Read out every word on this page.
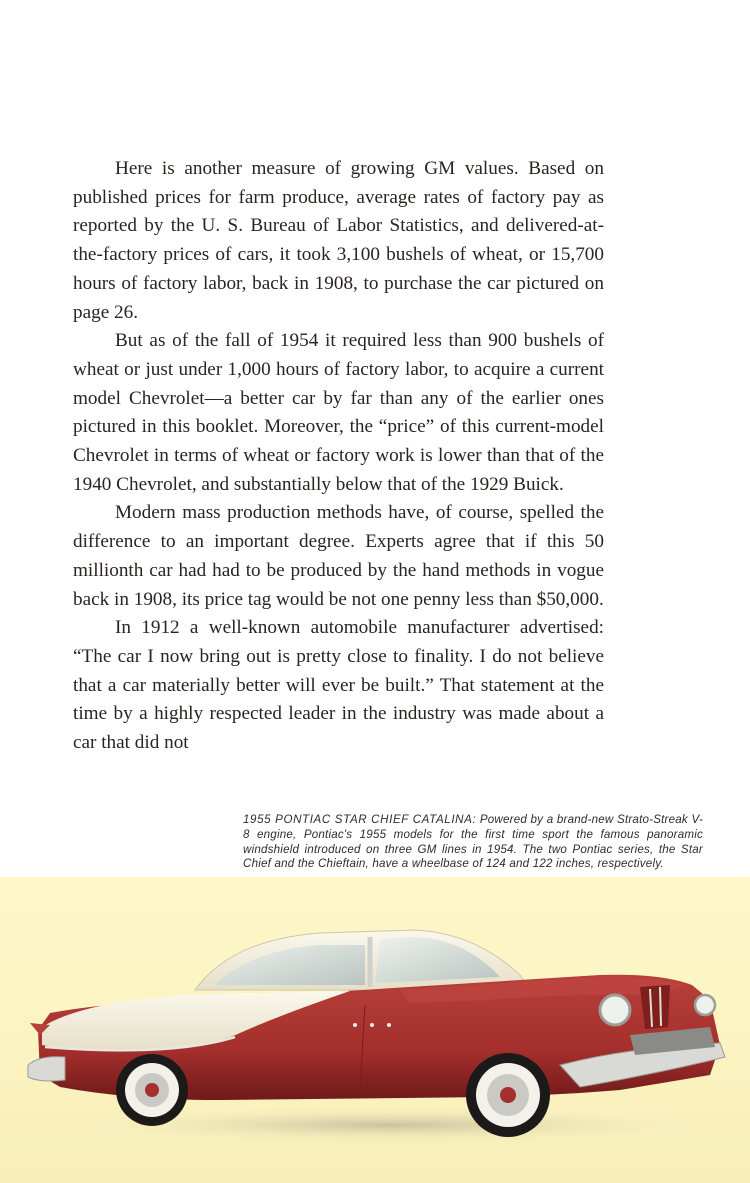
Here is another measure of growing GM values. Based on published prices for farm produce, average rates of factory pay as reported by the U. S. Bureau of Labor Statistics, and delivered-at-the-factory prices of cars, it took 3,100 bushels of wheat, or 15,700 hours of factory labor, back in 1908, to purchase the car pictured on page 26.

But as of the fall of 1954 it required less than 900 bushels of wheat or just under 1,000 hours of factory labor, to acquire a current model Chevrolet—a better car by far than any of the earlier ones pictured in this booklet. Moreover, the “price” of this current-model Chevrolet in terms of wheat or factory work is lower than that of the 1940 Chevrolet, and substantially below that of the 1929 Buick.

Modern mass production methods have, of course, spelled the difference to an important degree. Experts agree that if this 50 millionth car had had to be produced by the hand methods in vogue back in 1908, its price tag would be not one penny less than $50,000.

In 1912 a well-known automobile manufacturer advertised: “The car I now bring out is pretty close to finality. I do not believe that a car materially better will ever be built.” That statement at the time by a highly respected leader in the industry was made about a car that did not

1955 PONTIAC STAR CHIEF CATALINA: Powered by a brand-new Strato-Streak V-8 engine, Pontiac's 1955 models for the first time sport the famous panoramic windshield introduced on three GM lines in 1954. The two Pontiac series, the Star Chief and the Chieftain, have a wheelbase of 124 and 122 inches, respectively.
